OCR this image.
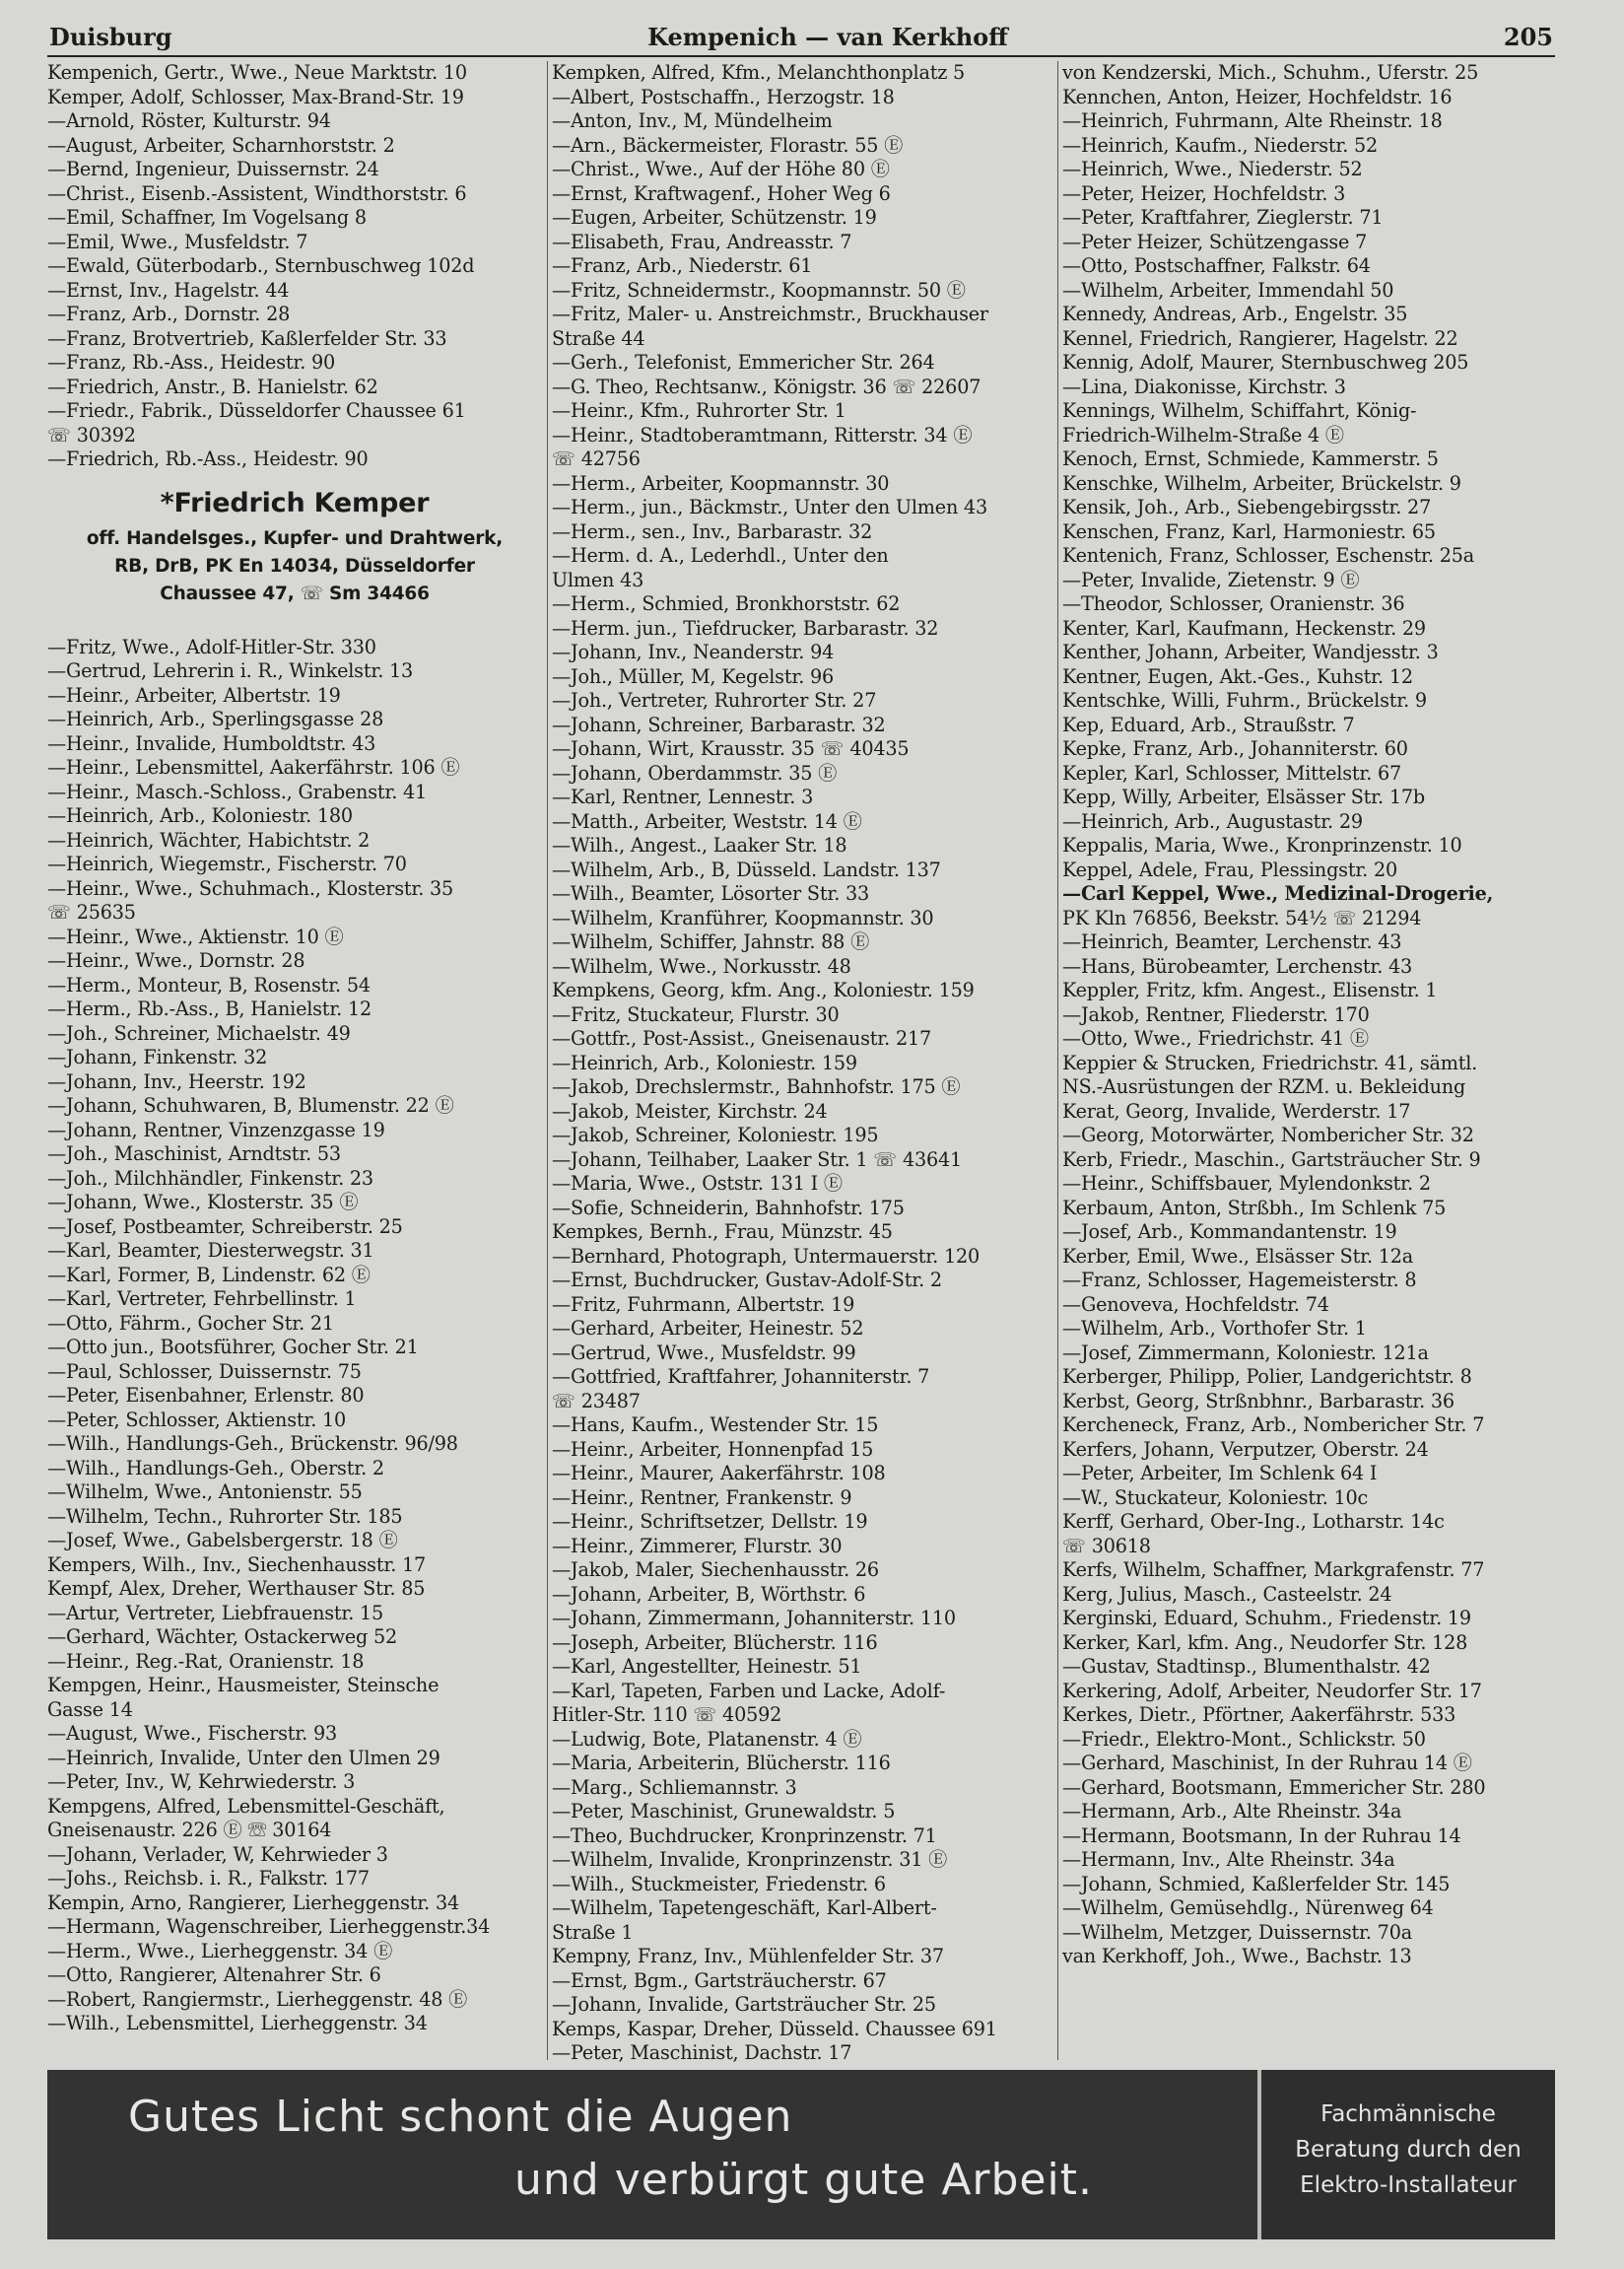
Duisburg	Kempenich — van Kerkhoff	205
Kempenich, Gertr., Wwe., Neue Marktstr. 10
Kemper, Adolf, Schlosser, Max-Brand-Str. 19
—Arnold, Röster, Kulturstr. 94
—August, Arbeiter, Scharnhorststr. 2
—Bernd, Ingenieur, Duissernstr. 24
—Christ., Eisenb.-Assistent, Windthorststr. 6
—Emil, Schaffner, Im Vogelsang 8
—Emil, Wwe., Musfeldstr. 7
—Ewald, Güterbodarb., Sternbuschweg 102d
—Ernst, Inv., Hagelstr. 44
—Franz, Arb., Dornstr. 28
—Franz, Brotvertrieb, Kaßlerfelder Str. 33
—Franz, Rb.-Ass., Heidestr. 90
—Friedrich, Anstr., B. Hanielstr. 62
—Friedr., Fabrik., Düsseldorfer Chaussee 61
☏ 30392
—Friedrich, Rb.-Ass., Heidestr. 90
*Friedrich Kemper
off. Handelsges., Kupfer- und Drahtwerk,
RB, DrB, PK En 14034, Düsseldorfer
Chaussee 47, ☏ Sm 34466
—Fritz, Wwe., Adolf-Hitler-Str. 330
—Gertrud, Lehrerin i. R., Winkelstr. 13
—Heinr., Arbeiter, Albertstr. 19
—Heinrich, Arb., Sperlingsgasse 28
—Heinr., Invalide, Humboldtstr. 43
—Heinr., Lebensmittel, Aakerfährstr. 106 Ⓔ
—Heinr., Masch.-Schloss., Grabenstr. 41
—Heinrich, Arb., Koloniestr. 180
—Heinrich, Wächter, Habichtstr. 2
—Heinrich, Wiegemstr., Fischerstr. 70
—Heinr., Wwe., Schuhmach., Klosterstr. 35
☏ 25635
—Heinr., Wwe., Aktienstr. 10 Ⓔ
—Heinr., Wwe., Dornstr. 28
—Herm., Monteur, B, Rosenstr. 54
—Herm., Rb.-Ass., B, Hanielstr. 12
—Joh., Schreiner, Michaelstr. 49
—Johann, Finkenstr. 32
—Johann, Inv., Heerstr. 192
—Johann, Schuhwaren, B, Blumenstr. 22 Ⓔ
—Johann, Rentner, Vinzenzgasse 19
—Joh., Maschinist, Arndtstr. 53
—Joh., Milchhändler, Finkenstr. 23
—Johann, Wwe., Klosterstr. 35 Ⓔ
—Josef, Postbeamter, Schreiberstr. 25
—Karl, Beamter, Diesterwegstr. 31
—Karl, Former, B, Lindenstr. 62 Ⓔ
—Karl, Vertreter, Fehrbellinstr. 1
—Otto, Fährm., Gocher Str. 21
—Otto jun., Bootsführer, Gocher Str. 21
—Paul, Schlosser, Duissernstr. 75
—Peter, Eisenbahner, Erlenstr. 80
—Peter, Schlosser, Aktienstr. 10
—Wilh., Handlungs-Geh., Brückenstr. 96/98
—Wilh., Handlungs-Geh., Oberstr. 2
—Wilhelm, Wwe., Antonienstr. 55
—Wilhelm, Techn., Ruhrorter Str. 185
—Josef, Wwe., Gabelsbergerstr. 18 Ⓔ
Kempers, Wilh., Inv., Siechenhausstr. 17
Kempf, Alex, Dreher, Werthauser Str. 85
—Artur, Vertreter, Liebfrauenstr. 15
—Gerhard, Wächter, Ostackerweg 52
—Heinr., Reg.-Rat, Oranienstr. 18
Kempgen, Heinr., Hausmeister, Steinsche
Gasse 14
—August, Wwe., Fischerstr. 93
—Heinrich, Invalide, Unter den Ulmen 29
—Peter, Inv., W, Kehrwiederstr. 3
Kempgens, Alfred, Lebensmittel-Geschäft,
Gneisenaustr. 226 Ⓔ ☏ 30164
—Johann, Verlader, W, Kehrwieder 3
—Johs., Reichsb. i. R., Falkstr. 177
Kempin, Arno, Rangierer, Lierheggenstr. 34
—Hermann, Wagenschreiber, Lierheggenstr.34
—Herm., Wwe., Lierheggenstr. 34 Ⓔ
—Otto, Rangierer, Altenahrer Str. 6
—Robert, Rangiermstr., Lierheggenstr. 48 Ⓔ
—Wilh., Lebensmittel, Lierheggenstr. 34
Kempken, Alfred, Kfm., Melanchthonplatz 5
—Albert, Postschaffn., Herzogstr. 18
—Anton, Inv., M, Mündelheim
—Arn., Bäckermeister, Florastr. 55 Ⓔ
—Christ., Wwe., Auf der Höhe 80 Ⓔ
—Ernst, Kraftwagenf., Hoher Weg 6
—Eugen, Arbeiter, Schützenstr. 19
—Elisabeth, Frau, Andreasstr. 7
—Franz, Arb., Niederstr. 61
—Fritz, Schneidermstr., Koopmannstr. 50 Ⓔ
—Fritz, Maler- u. Anstreichmstr., Bruckhauser
Straße 44
—Gerh., Telefonist, Emmericher Str. 264
—G. Theo, Rechtsanw., Königstr. 36 ☏ 22607
—Heinr., Kfm., Ruhrorter Str. 1
—Heinr., Stadtoberamtmann, Ritterstr. 34 Ⓔ
☏ 42756
—Herm., Arbeiter, Koopmannstr. 30
—Herm., jun., Bäckmstr., Unter den Ulmen 43
—Herm., sen., Inv., Barbarastr. 32
—Herm. d. A., Lederhdl., Unter den
Ulmen 43
—Herm., Schmied, Bronkhorststr. 62
—Herm. jun., Tiefdrucker, Barbarastr. 32
—Johann, Inv., Neanderstr. 94
—Joh., Müller, M, Kegelstr. 96
—Joh., Vertreter, Ruhrorter Str. 27
—Johann, Schreiner, Barbarastr. 32
—Johann, Wirt, Krausstr. 35 ☏ 40435
—Johann, Oberdammstr. 35 Ⓔ
—Karl, Rentner, Lennestr. 3
—Matth., Arbeiter, Weststr. 14 Ⓔ
—Wilh., Angest., Laaker Str. 18
—Wilhelm, Arb., B, Düsseld. Landstr. 137
—Wilh., Beamter, Lösorter Str. 33
—Wilhelm, Kranführer, Koopmannstr. 30
—Wilhelm, Schiffer, Jahnstr. 88 Ⓔ
—Wilhelm, Wwe., Norkusstr. 48
Kempkens, Georg, kfm. Ang., Koloniestr. 159
—Fritz, Stuckateur, Flurstr. 30
—Gottfr., Post-Assist., Gneisenaustr. 217
—Heinrich, Arb., Koloniestr. 159
—Jakob, Drechslermstr., Bahnhofstr. 175 Ⓔ
—Jakob, Meister, Kirchstr. 24
—Jakob, Schreiner, Koloniestr. 195
—Johann, Teilhaber, Laaker Str. 1 ☏ 43641
—Maria, Wwe., Oststr. 131 I Ⓔ
—Sofie, Schneiderin, Bahnhofstr. 175
Kempkes, Bernh., Frau, Münzstr. 45
—Bernhard, Photograph, Untermauerstr. 120
—Ernst, Buchdrucker, Gustav-Adolf-Str. 2
—Fritz, Fuhrmann, Albertstr. 19
—Gerhard, Arbeiter, Heinestr. 52
—Gertrud, Wwe., Musfeldstr. 99
—Gottfried, Kraftfahrer, Johanniterstr. 7
☏ 23487
—Hans, Kaufm., Westender Str. 15
—Heinr., Arbeiter, Honnenpfad 15
—Heinr., Maurer, Aakerfährstr. 108
—Heinr., Rentner, Frankenstr. 9
—Heinr., Schriftsetzer, Dellstr. 19
—Heinr., Zimmerer, Flurstr. 30
—Jakob, Maler, Siechenhausstr. 26
—Johann, Arbeiter, B, Wörthstr. 6
—Johann, Zimmermann, Johanniterstr. 110
—Joseph, Arbeiter, Blücherstr. 116
—Karl, Angestellter, Heinestr. 51
—Karl, Tapeten, Farben und Lacke, Adolf-
Hitler-Str. 110 ☏ 40592
—Ludwig, Bote, Platanenstr. 4 Ⓔ
—Maria, Arbeiterin, Blücherstr. 116
—Marg., Schliemannstr. 3
—Peter, Maschinist, Grunewaldstr. 5
—Theo, Buchdrucker, Kronprinzenstr. 71
—Wilhelm, Invalide, Kronprinzenstr. 31 Ⓔ
—Wilh., Stuckmeister, Friedenstr. 6
—Wilhelm, Tapetengeschäft, Karl-Albert-
Straße 1
Kempny, Franz, Inv., Mühlenfelder Str. 37
—Ernst, Bgm., Gartsträucherstr. 67
—Johann, Invalide, Gartsträucher Str. 25
Kemps, Kaspar, Dreher, Düsseld. Chaussee 691
—Peter, Maschinist, Dachstr. 17
von Kendzerski, Mich., Schuhm., Uferstr. 25
Kennchen, Anton, Heizer, Hochfeldstr. 16
—Heinrich, Fuhrmann, Alte Rheinstr. 18
—Heinrich, Kaufm., Niederstr. 52
—Heinrich, Wwe., Niederstr. 52
—Peter, Heizer, Hochfeldstr. 3
—Peter, Kraftfahrer, Zieglerstr. 71
—Peter Heizer, Schützengasse 7
—Otto, Postschaffner, Falkstr. 64
—Wilhelm, Arbeiter, Immendahl 50
Kennedy, Andreas, Arb., Engelstr. 35
Kennel, Friedrich, Rangierer, Hagelstr. 22
Kennig, Adolf, Maurer, Sternbuschweg 205
—Lina, Diakonisse, Kirchstr. 3
Kennings, Wilhelm, Schiffahrt, König-
Friedrich-Wilhelm-Straße 4 Ⓔ
Kenoch, Ernst, Schmiede, Kammerstr. 5
Kenschke, Wilhelm, Arbeiter, Brückelstr. 9
Kensik, Joh., Arb., Siebengebirgsstr. 27
Kenschen, Franz, Karl, Harmoniestr. 65
Kentenich, Franz, Schlosser, Eschenstr. 25a
—Peter, Invalide, Zietenstr. 9 Ⓔ
—Theodor, Schlosser, Oranienstr. 36
Kenter, Karl, Kaufmann, Heckenstr. 29
Kenther, Johann, Arbeiter, Wandjesstr. 3
Kentner, Eugen, Akt.-Ges., Kuhstr. 12
Kentschke, Willi, Fuhrm., Brückelstr. 9
Kep, Eduard, Arb., Straußstr. 7
Kepke, Franz, Arb., Johanniterstr. 60
Kepler, Karl, Schlosser, Mittelstr. 67
Kepp, Willy, Arbeiter, Elsässer Str. 17b
—Heinrich, Arb., Augustastr. 29
Keppalis, Maria, Wwe., Kronprinzenstr. 10
Keppel, Adele, Frau, Plessingstr. 20
—Carl Keppel, Wwe., Medizinal-Drogerie,
PK Kln 76856, Beekstr. 54½ ☏ 21294
—Heinrich, Beamter, Lerchenstr. 43
—Hans, Bürobeamter, Lerchenstr. 43
Keppler, Fritz, kfm. Angest., Elisenstr. 1
—Jakob, Rentner, Fliederstr. 170
—Otto, Wwe., Friedrichstr. 41 Ⓔ
Keppier & Strucken, Friedrichstr. 41, sämtl.
NS.-Ausrüstungen der RZM. u. Bekleidung
Kerat, Georg, Invalide, Werderstr. 17
—Georg, Motorwärter, Nombericher Str. 32
Kerb, Friedr., Maschin., Gartsträucher Str. 9
—Heinr., Schiffsbauer, Mylendonkstr. 2
Kerbaum, Anton, Strßbh., Im Schlenk 75
—Josef, Arb., Kommandantenstr. 19
Kerber, Emil, Wwe., Elsässer Str. 12a
—Franz, Schlosser, Hagemeisterstr. 8
—Genoveva, Hochfeldstr. 74
—Wilhelm, Arb., Vorthofer Str. 1
—Josef, Zimmermann, Koloniestr. 121a
Kerberger, Philipp, Polier, Landgerichtstr. 8
Kerbst, Georg, Strßnbhnr., Barbarastr. 36
Kercheneck, Franz, Arb., Nombericher Str. 7
Kerfers, Johann, Verputzer, Oberstr. 24
—Peter, Arbeiter, Im Schlenk 64 I
—W., Stuckateur, Koloniestr. 10c
Kerff, Gerhard, Ober-Ing., Lotharstr. 14c
☏ 30618
Kerfs, Wilhelm, Schaffner, Markgrafenstr. 77
Kerg, Julius, Masch., Casteelstr. 24
Kerginski, Eduard, Schuhm., Friedenstr. 19
Kerker, Karl, kfm. Ang., Neudorfer Str. 128
—Gustav, Stadtinsp., Blumenthalstr. 42
Kerkering, Adolf, Arbeiter, Neudorfer Str. 17
Kerkes, Dietr., Pförtner, Aakerfährstr. 533
—Friedr., Elektro-Mont., Schlickstr. 50
—Gerhard, Maschinist, In der Ruhrau 14 Ⓔ
—Gerhard, Bootsmann, Emmericher Str. 280
—Hermann, Arb., Alte Rheinstr. 34a
—Hermann, Bootsmann, In der Ruhrau 14
—Hermann, Inv., Alte Rheinstr. 34a
—Johann, Schmied, Kaßlerfelder Str. 145
—Wilhelm, Gemüsehdlg., Nürenweg 64
—Wilhelm, Metzger, Duissernstr. 70a
van Kerkhoff, Joh., Wwe., Bachstr. 13
Gutes Licht schont die Augen
und verbürgt gute Arbeit.
Fachmännische
Beratung durch den
Elektro-Installateur
